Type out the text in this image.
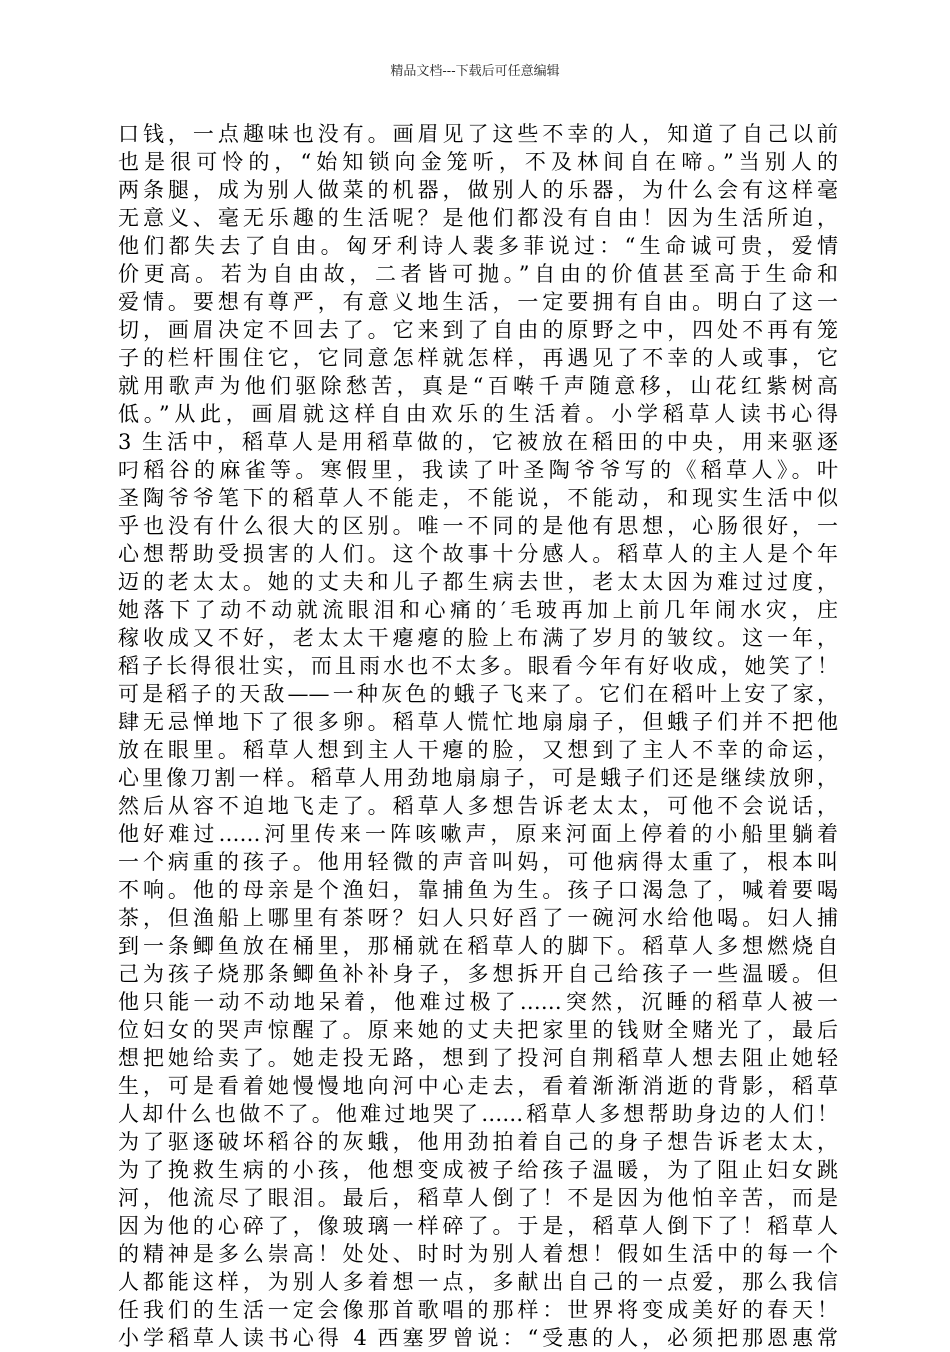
精品文档---下载后可任意编辑
口钱，一点趣味也没有。画眉见了这些不幸的人，知道了自己以前
也是很可怜的，“始知锁向金笼听，不及林间自在啼。”当别人的
两条腿，成为别人做菜的机器，做别人的乐器，为什么会有这样毫
无意义、毫无乐趣的生活呢？是他们都没有自由！因为生活所迫，
他们都失去了自由。匈牙利诗人裴多菲说过：“生命诚可贵，爱情
价更高。若为自由故，二者皆可抛。”自由的价值甚至高于生命和
爱情。要想有尊严，有意义地生活，一定要拥有自由。明白了这一
切，画眉决定不回去了。它来到了自由的原野之中，四处不再有笼
子的栏杆围住它，它同意怎样就怎样，再遇见了不幸的人或事，它
就用歌声为他们驱除愁苦，真是“百啭千声随意移，山花红紫树高
低。”从此，画眉就这样自由欢乐的生活着。小学稻草人读书心得
3 生活中，稻草人是用稻草做的，它被放在稻田的中央，用来驱逐
叼稻谷的麻雀等。寒假里，我读了叶圣陶爷爷写的《稻草人》。叶
圣陶爷爷笔下的稻草人不能走，不能说，不能动，和现实生活中似
乎也没有什么很大的区别。唯一不同的是他有思想，心肠很好，一
心想帮助受损害的人们。这个故事十分感人。稻草人的主人是个年
迈的老太太。她的丈夫和儿子都生病去世，老太太因为难过过度，
她落下了动不动就流眼泪和心痛的′毛玻再加上前几年闹水灾，庄
稼收成又不好，老太太干瘪瘪的脸上布满了岁月的皱纹。这一年，
稻子长得很壮实，而且雨水也不太多。眼看今年有好收成，她笑了！
可是稻子的天敌——一种灰色的蛾子飞来了。它们在稻叶上安了家，
肆无忌惮地下了很多卵。稻草人慌忙地扇扇子，但蛾子们并不把他
放在眼里。稻草人想到主人干瘪的脸，又想到了主人不幸的命运，
心里像刀割一样。稻草人用劲地扇扇子，可是蛾子们还是继续放卵，
然后从容不迫地飞走了。稻草人多想告诉老太太，可他不会说话，
他好难过……河里传来一阵咳嗽声，原来河面上停着的小船里躺着
一个病重的孩子。他用轻微的声音叫妈，可他病得太重了，根本叫
不响。他的母亲是个渔妇，靠捕鱼为生。孩子口渴急了，喊着要喝
茶，但渔船上哪里有茶呀？妇人只好舀了一碗河水给他喝。妇人捕
到一条鲫鱼放在桶里，那桶就在稻草人的脚下。稻草人多想燃烧自
己为孩子烧那条鲫鱼补补身子，多想拆开自己给孩子一些温暖。但
他只能一动不动地呆着，他难过极了……突然，沉睡的稻草人被一
位妇女的哭声惊醒了。原来她的丈夫把家里的钱财全赌光了，最后
想把她给卖了。她走投无路，想到了投河自荆稻草人想去阻止她轻
生，可是看着她慢慢地向河中心走去，看着渐渐消逝的背影，稻草
人却什么也做不了。他难过地哭了……稻草人多想帮助身边的人们！
为了驱逐破坏稻谷的灰蛾，他用劲拍着自己的身子想告诉老太太，
为了挽救生病的小孩，他想变成被子给孩子温暖，为了阻止妇女跳
河，他流尽了眼泪。最后，稻草人倒了！不是因为他怕辛苦，而是
因为他的心碎了，像玻璃一样碎了。于是，稻草人倒下了！稻草人
的精神是多么崇高！处处、时时为别人着想！假如生活中的每一个
人都能这样，为别人多着想一点，多献出自己的一点爱，那么我信
任我们的生活一定会像那首歌唱的那样：世界将变成美好的春天！
小学稻草人读书心得 4 西塞罗曾说：“受惠的人，必须把那恩惠常
